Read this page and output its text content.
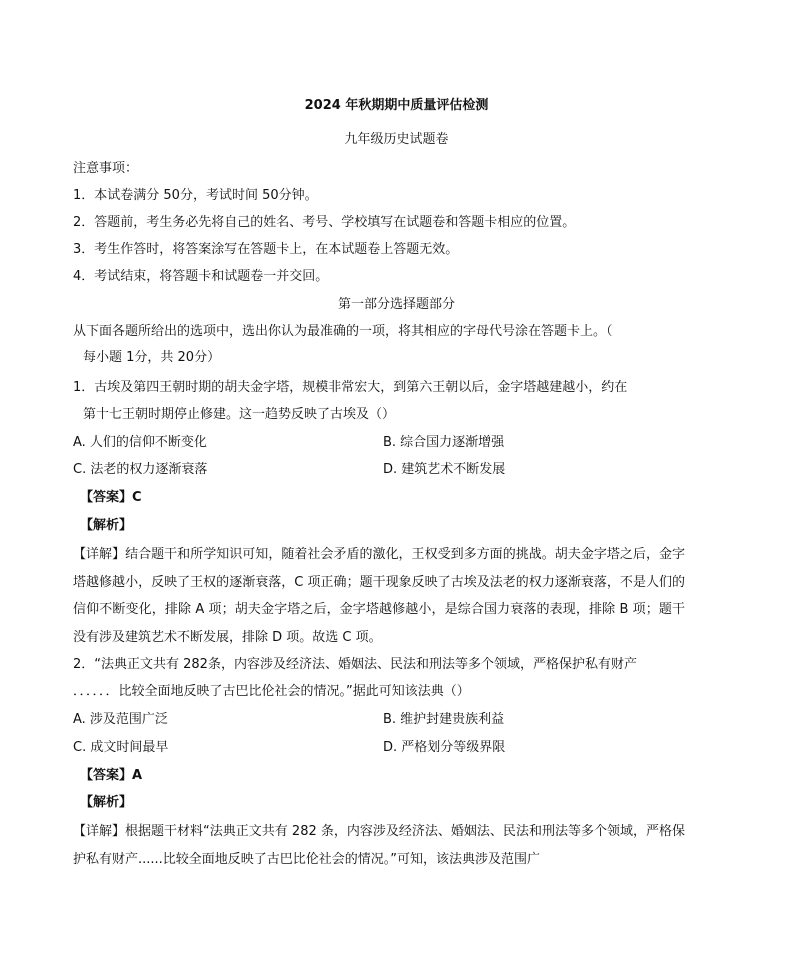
2024 年秋期期中质量评估检测
九年级历史试题卷
注意事项：
1．本试卷满分 50分，考试时间 50分钟。
2．答题前，考生务必先将自己的姓名、考号、学校填写在试题卷和答题卡相应的位置。
3．考生作答时，将答案涂写在答题卡上，在本试题卷上答题无效。
4．考试结束，将答题卡和试题卷一并交回。
第一部分选择题部分
从下面各题所给出的选项中，选出你认为最准确的一项，将其相应的字母代号涂在答题卡上。（
每小题 1分，共 20分）
1．古埃及第四王朝时期的胡夫金字塔，规模非常宏大，到第六王朝以后，金字塔越建越小，约在
第十七王朝时期停止修建。这一趋势反映了古埃及（）
A. 人们的信仰不断变化	B. 综合国力逐渐增强
C. 法老的权力逐渐衰落	D. 建筑艺术不断发展
【答案】C
【解析】
【详解】结合题干和所学知识可知，随着社会矛盾的激化，王权受到多方面的挑战。胡夫金字塔之后，金字塔越修越小，反映了王权的逐渐衰落，C 项正确；题干现象反映了古埃及法老的权力逐渐衰落，不是人们的信仰不断变化，排除 A 项；胡夫金字塔之后，金字塔越修越小，是综合国力衰落的表现，排除 B 项；题干没有涉及建筑艺术不断发展，排除 D 项。故选 C 项。
2．“法典正文共有 282条，内容涉及经济法、婚姻法、民法和刑法等多个领域，严格保护私有财产
．．．．．．比较全面地反映了古巴比伦社会的情况。”据此可知该法典（）
A. 涉及范围广泛	B. 维护封建贵族利益
C. 成文时间最早	D. 严格划分等级界限
【答案】A
【解析】
【详解】根据题干材料“法典正文共有 282 条，内容涉及经济法、婚姻法、民法和刑法等多个领域，严格保护私有财产......比较全面地反映了古巴比伦社会的情况。”可知，该法典涉及范围广
